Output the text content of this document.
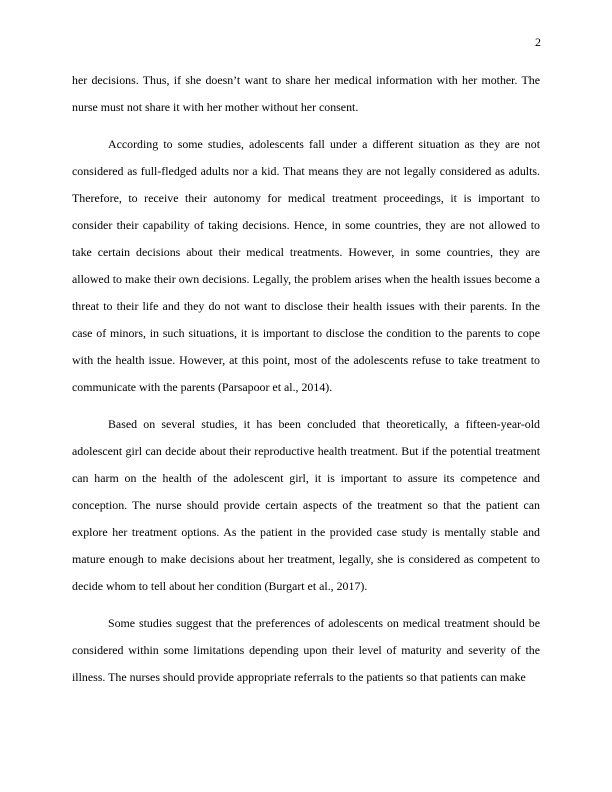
2

her decisions. Thus, if she doesn’t want to share her medical information with her mother. The nurse must not share it with her mother without her consent.

According to some studies, adolescents fall under a different situation as they are not considered as full-fledged adults nor a kid. That means they are not legally considered as adults. Therefore, to receive their autonomy for medical treatment proceedings, it is important to consider their capability of taking decisions. Hence, in some countries, they are not allowed to take certain decisions about their medical treatments. However, in some countries, they are allowed to make their own decisions. Legally, the problem arises when the health issues become a threat to their life and they do not want to disclose their health issues with their parents. In the case of minors, in such situations, it is important to disclose the condition to the parents to cope with the health issue. However, at this point, most of the adolescents refuse to take treatment to communicate with the parents (Parsapoor et al., 2014).

Based on several studies, it has been concluded that theoretically, a fifteen-year-old adolescent girl can decide about their reproductive health treatment. But if the potential treatment can harm on the health of the adolescent girl, it is important to assure its competence and conception. The nurse should provide certain aspects of the treatment so that the patient can explore her treatment options. As the patient in the provided case study is mentally stable and mature enough to make decisions about her treatment, legally, she is considered as competent to decide whom to tell about her condition (Burgart et al., 2017).

Some studies suggest that the preferences of adolescents on medical treatment should be considered within some limitations depending upon their level of maturity and severity of the illness. The nurses should provide appropriate referrals to the patients so that patients can make
